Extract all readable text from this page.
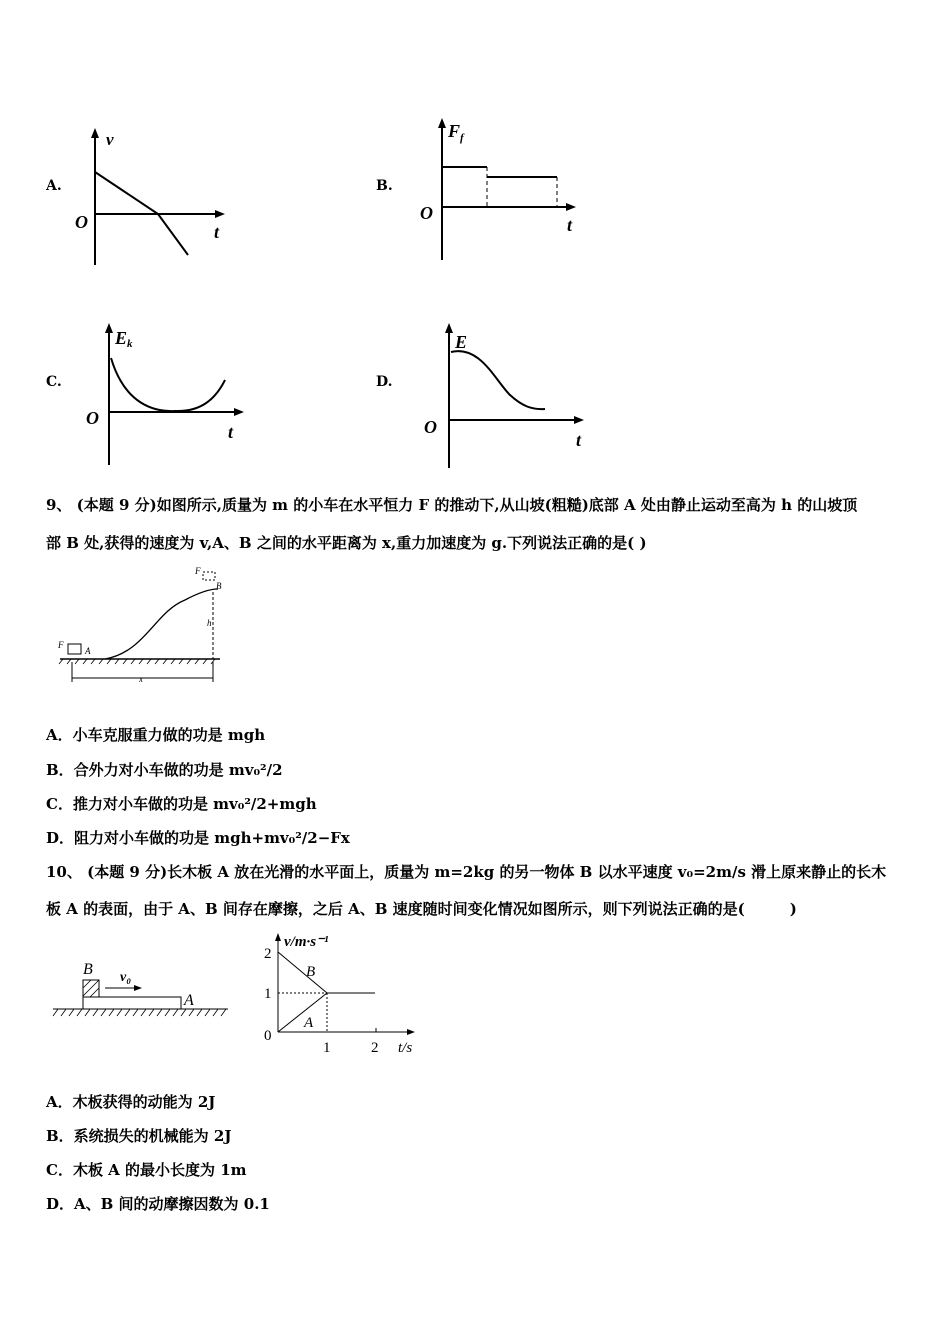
A.
v
O	t
B.
$F_f$
O
t
C.
Ek
O
t
D.
E
O
t
9、 (本题 9 分)如图所示,质量为 m 的小车在水平恒力 F 的推动下,从山坡(粗糙)底部 A 处由静止运动至高为 h 的山坡顶
部 B 处,获得的速度为 v,A、B 之间的水平距离为 x,重力加速度为 g.下列说法正确的是( )
F
F
A
B
h
x
A．小车克服重力做的功是 mgh
B．合外力对小车做的功是 mv₀²/2
C．推力对小车做的功是 mv₀²/2+mgh
D．阻力对小车做的功是 mgh+mv₀²/2−Fx
10、 (本题 9 分)长木板 A 放在光滑的水平面上，质量为 m=2kg 的另一物体 B 以水平速度 v₀=2m/s 滑上原来静止的长木
板 A 的表面，由于 A、B 间存在摩擦，之后 A、B 速度随时间变化情况如图所示，则下列说法正确的是(　　　)
B v₀
A
v/m·s⁻¹
2
1
0
1	2 t/s
B
A
A．木板获得的动能为 2J
B．系统损失的机械能为 2J
C．木板 A 的最小长度为 1m
D．A、B 间的动摩擦因数为 0.1
